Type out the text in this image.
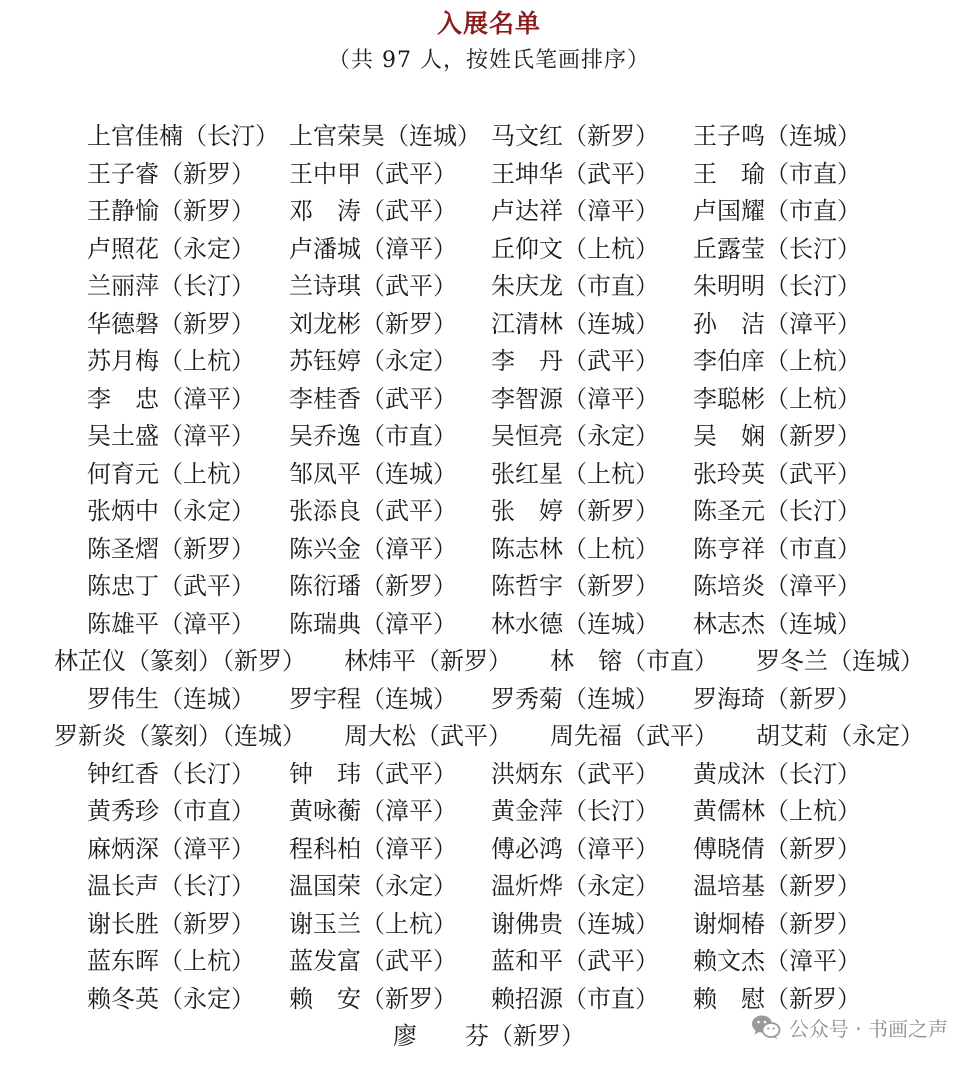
入展名单
（共 97 人，按姓氏笔画排序）
上官佳楠（长汀） 上官荣昊（连城） 马文红（新罗）	王子鸣（连城）
王子睿（新罗）	王中甲（武平）	王坤华（武平）	王　瑜（市直）
王静愉（新罗）	邓　涛（武平）	卢达祥（漳平）	卢国耀（市直）
卢照花（永定）	卢潘城（漳平）	丘仰文（上杭）	丘露莹（长汀）
兰丽萍（长汀）	兰诗琪（武平）	朱庆龙（市直）	朱明明（长汀）
华德磐（新罗）	刘龙彬（新罗）	江清林（连城）	孙　洁（漳平）
苏月梅（上杭）	苏钰婷（永定）	李　丹（武平）	李伯庠（上杭）
李　忠（漳平）	李桂香（武平）	李智源（漳平）	李聪彬（上杭）
吴土盛（漳平）	吴乔逸（市直）	吴恒亮（永定）	吴　娴（新罗）
何育元（上杭）	邹凤平（连城）	张红星（上杭）	张玲英（武平）
张炳中（永定）	张添良（武平）	张　婷（新罗）	陈圣元（长汀）
陈圣熠（新罗）	陈兴金（漳平）	陈志林（上杭）	陈亨祥（市直）
陈忠丁（武平）	陈衍璠（新罗）	陈哲宇（新罗）	陈培炎（漳平）
陈雄平（漳平）	陈瑞典（漳平）	林水德（连城）	林志杰（连城）
林芷仪（篆刻）（新罗） 林炜平（新罗） 林　镕（市直） 罗冬兰（连城）
罗伟生（连城）	罗宇程（连城）	罗秀菊（连城）	罗海琦（新罗）
罗新炎（篆刻）（连城） 周大松（武平） 周先福（武平） 胡艾莉（永定）
钟红香（长汀）	钟　玮（武平）	洪炳东（武平）	黄成沐（长汀）
黄秀珍（市直）	黄咏蘅（漳平）	黄金萍（长汀）	黄儒林（上杭）
麻炳深（漳平）	程科柏（漳平）	傅必鸿（漳平）	傅晓倩（新罗）
温长声（长汀）	温国荣（永定）	温炘烨（永定）	温培基（新罗）
谢长胜（新罗）	谢玉兰（上杭）	谢佛贵（连城）	谢炯椿（新罗）
蓝东晖（上杭）	蓝发富（武平）	蓝和平（武平）	赖文杰（漳平）
赖冬英（永定）	赖　安（新罗）	赖招源（市直）	赖　慰（新罗）
廖　　芬（新罗）	公众号 · 书画之声
